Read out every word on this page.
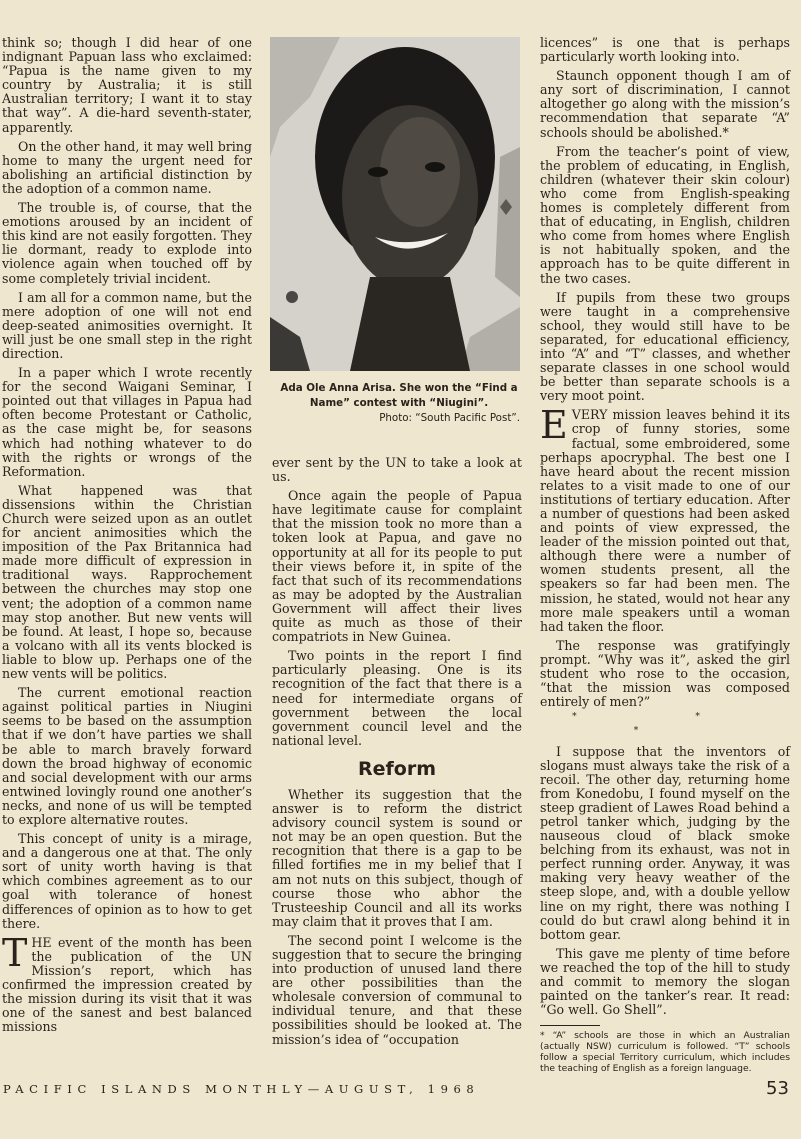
think so; though I did hear of one indignant Papuan lass who exclaimed: “Papua is the name given to my country by Australia; it is still Australian territory; I want it to stay that way”. A die-hard seventh-stater, apparently.

On the other hand, it may well bring home to many the urgent need for abolishing an artificial distinction by the adoption of a common name.

The trouble is, of course, that the emotions aroused by an incident of this kind are not easily forgotten. They lie dormant, ready to explode into violence again when touched off by some completely trivial incident.

I am all for a common name, but the mere adoption of one will not end deep-seated animosities overnight. It will just be one small step in the right direction.

In a paper which I wrote recently for the second Waigani Seminar, I pointed out that villages in Papua had often become Protestant or Catholic, as the case might be, for seasons which had nothing whatever to do with the rights or wrongs of the Reformation.

What happened was that dissensions within the Christian Church were seized upon as an outlet for ancient animosities which the imposition of the Pax Britannica had made more difficult of expression in traditional ways. Rapprochement between the churches may stop one vent; the adoption of a common name may stop another. But new vents will be found. At least, I hope so, because a volcano with all its vents blocked is liable to blow up. Perhaps one of the new vents will be politics.

The current emotional reaction against political parties in Niugini seems to be based on the assumption that if we don’t have parties we shall be able to march bravely forward down the broad highway of economic and social development with our arms entwined lovingly round one another’s necks, and none of us will be tempted to explore alternative routes.

This concept of unity is a mirage, and a dangerous one at that. The only sort of unity worth having is that which combines agreement as to our goal with tolerance of honest differences of opinion as to how to get there.

THE event of the month has been the publication of the UN Mission’s report, which has confirmed the impression created by the mission during its visit that it was one of the sanest and best balanced missions

Ada Ole Anna Arisa. She won the “Find a Name” contest with “Niugini”.
Photo: “South Pacific Post”.

ever sent by the UN to take a look at us.

Once again the people of Papua have legitimate cause for complaint that the mission took no more than a token look at Papua, and gave no opportunity at all for its people to put their views before it, in spite of the fact that such of its recommendations as may be adopted by the Australian Government will affect their lives quite as much as those of their compatriots in New Guinea.

Two points in the report I find particularly pleasing. One is its recognition of the fact that there is a need for intermediate organs of government between the local government council level and the national level.

Reform

Whether its suggestion that the answer is to reform the district advisory council system is sound or not may be an open question. But the recognition that there is a gap to be filled fortifies me in my belief that I am not nuts on this subject, though of course those who abhor the Trusteeship Council and all its works may claim that it proves that I am.

The second point I welcome is the suggestion that to secure the bringing into production of unused land there are other possibilities than the wholesale conversion of communal to individual tenure, and that these possibilities should be looked at. The mission’s idea of “occupation

licences” is one that is perhaps particularly worth looking into.

Staunch opponent though I am of any sort of discrimination, I cannot altogether go along with the mission’s recommendation that separate “A” schools should be abolished.*

From the teacher’s point of view, the problem of educating, in English, children (whatever their skin colour) who come from English-speaking homes is completely different from that of educating, in English, children who come from homes where English is not habitually spoken, and the approach has to be quite different in the two cases.

If pupils from these two groups were taught in a comprehensive school, they would still have to be separated, for educational efficiency, into “A” and “T” classes, and whether separate classes in one school would be better than separate schools is a very moot point.

EVERY mission leaves behind it its crop of funny stories, some factual, some embroidered, some perhaps apocryphal. The best one I have heard about the recent mission relates to a visit made to one of our institutions of tertiary education. After a number of questions had been asked and points of view expressed, the leader of the mission pointed out that, although there were a number of women students present, all the speakers so far had been men. The mission, he stated, would not hear any more male speakers until a woman had taken the floor.

The response was gratifyingly prompt. “Why was it”, asked the girl student who rose to the occasion, “that the mission was composed entirely of men?”

* * *

I suppose that the inventors of slogans must always take the risk of a recoil. The other day, returning home from Konedobu, I found myself on the steep gradient of Lawes Road behind a petrol tanker which, judging by the nauseous cloud of black smoke belching from its exhaust, was not in perfect running order. Anyway, it was making very heavy weather of the steep slope, and, with a double yellow line on my right, there was nothing I could do but crawl along behind it in bottom gear.

This gave me plenty of time before we reached the top of the hill to study and commit to memory the slogan painted on the tanker’s rear. It read: “Go well. Go Shell”.

* “A” schools are those in which an Australian (actually NSW) curriculum is followed. “T” schools follow a special Territory curriculum, which includes the teaching of English as a foreign language.
PACIFIC ISLANDS MONTHLY—AUGUST, 1968	53
